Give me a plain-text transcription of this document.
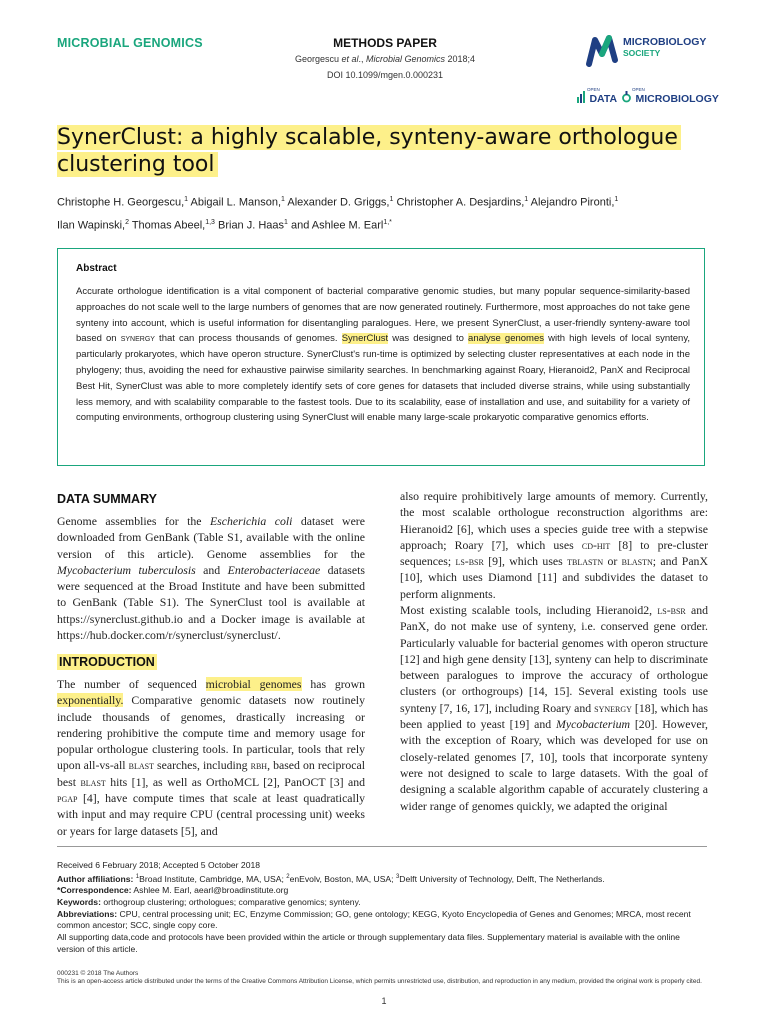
MICROBIAL GENOMICS	METHODS PAPER
Georgescu et al., Microbial Genomics 2018;4
DOI 10.1099/mgen.0.000231
MICROBIOLOGY
SOCIETY

OPEN
DATA

OPEN
MICROBIOLOGY
SynerClust: a highly scalable, synteny-aware orthologue
clustering tool
Christophe H. Georgescu,$^1$ Abigail L. Manson,$^1$ Alexander D. Griggs,$^1$ Christopher A. Desjardins,$^1$ Alejandro Pironti,$^1$
Ilan Wapinski,$^2$ Thomas Abeel,$^{1,3}$ Brian J. Haas$^1$ and Ashlee M. Earl$^{1,*}$
Abstract
Accurate orthologue identification is a vital component of bacterial comparative genomic studies, but many popular sequence-similarity-based approaches do not scale well to the large numbers of genomes that are now generated routinely. Furthermore, most approaches do not take gene synteny into account, which is useful information for disentangling paralogues. Here, we present SynerClust, a user-friendly synteny-aware tool based on synergy that can process thousands of genomes. SynerClust was designed to analyse genomes with high levels of local synteny, particularly prokaryotes, which have operon structure. SynerClust's run-time is optimized by selecting cluster representatives at each node in the phylogeny; thus, avoiding the need for exhaustive pairwise similarity searches. In benchmarking against Roary, Hieranoid2, PanX and Reciprocal Best Hit, SynerClust was able to more completely identify sets of core genes for datasets that included diverse strains, while using substantially less memory, and with scalability comparable to the fastest tools. Due to its scalability, ease of installation and use, and suitability for a variety of computing environments, orthogroup clustering using SynerClust will enable many large-scale prokaryotic comparative genomics efforts.
DATA SUMMARY
Genome assemblies for the Escherichia coli dataset were downloaded from GenBank (Table S1, available with the online version of this article). Genome assemblies for the Mycobacterium tuberculosis and Enterobacteriaceae datasets were sequenced at the Broad Institute and have been submitted to GenBank (Table S1). The SynerClust tool is available at https://synerclust.github.io and a Docker image is available at https://hub.docker.com/r/synerclust/synerclust/.
INTRODUCTION
The number of sequenced microbial genomes has grown exponentially. Comparative genomic datasets now routinely include thousands of genomes, drastically increasing or rendering prohibitive the compute time and memory usage for popular orthologue clustering tools. In particular, tools that rely upon all-vs-all blast searches, including rbh, based on reciprocal best blast hits [1], as well as OrthoMCL [2], PanOCT [3] and pgap [4], have compute times that scale at least quadratically with input and may require CPU (central processing unit) weeks or years for large datasets [5], and
also require prohibitively large amounts of memory. Currently, the most scalable orthologue reconstruction algorithms are: Hieranoid2 [6], which uses a species guide tree with a stepwise approach; Roary [7], which uses cd-hit [8] to pre-cluster sequences; ls-bsr [9], which uses tblastn or blastn; and PanX [10], which uses Diamond [11] and subdivides the dataset to perform alignments.
Most existing scalable tools, including Hieranoid2, ls-bsr and PanX, do not make use of synteny, i.e. conserved gene order. Particularly valuable for bacterial genomes with operon structure [12] and high gene density [13], synteny can help to discriminate between paralogues to improve the accuracy of orthologue clusters (or orthogroups) [14, 15]. Several existing tools use synteny [7, 16, 17], including Roary and synergy [18], which has been applied to yeast [19] and Mycobacterium [20]. However, with the exception of Roary, which was developed for use on closely-related genomes [7, 10], tools that incorporate synteny were not designed to scale to large datasets. With the goal of designing a scalable algorithm capable of accurately clustering a wider range of genomes quickly, we adapted the original
Received 6 February 2018; Accepted 5 October 2018
Author affiliations: $^1$Broad Institute, Cambridge, MA, USA; $^2$enEvolv, Boston, MA, USA; $^3$Delft University of Technology, Delft, The Netherlands.
*Correspondence: Ashlee M. Earl, aearl@broadinstitute.org
Keywords: orthogroup clustering; orthologues; comparative genomics; synteny.
Abbreviations: CPU, central processing unit; EC, Enzyme Commission; GO, gene ontology; KEGG, Kyoto Encyclopedia of Genes and Genomes; MRCA, most recent common ancestor; SCC, single copy core.
All supporting data,code and protocols have been provided within the article or through supplementary data files. Supplementary material is available with the online version of this article.
000231 © 2018 The Authors
This is an open-access article distributed under the terms of the Creative Commons Attribution License, which permits unrestricted use, distribution, and reproduction in any medium, provided the original work is properly cited.
1
